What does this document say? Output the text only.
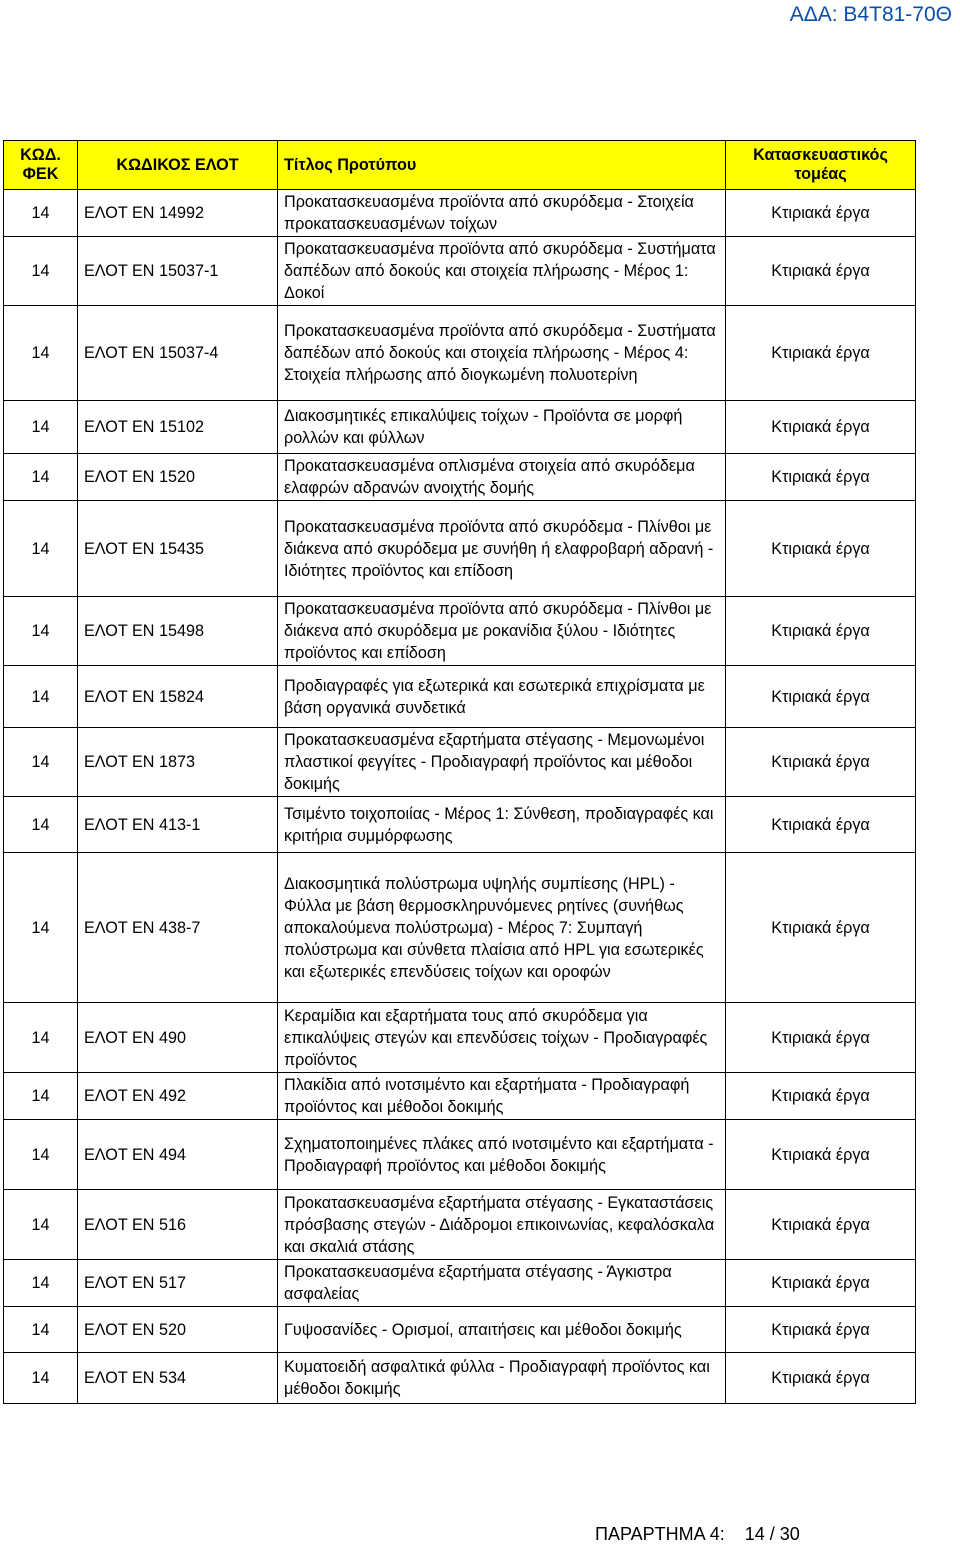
ΑΔΑ: Β4Τ81-70Θ
ΚΩΔ. ΦΕΚ	ΚΩΔΙΚΟΣ ΕΛΟΤ	Τίτλος Προτύπου	Κατασκευαστικός τομέας
14	ΕΛΟΤ EN 14992	Προκατασκευασμένα προϊόντα από σκυρόδεμα - Στοιχεία προκατασκευασμένων τοίχων	Κτιριακά έργα
14	ΕΛΟΤ EN 15037-1	Προκατασκευασμένα προϊόντα από σκυρόδεμα - Συστήματα δαπέδων από δοκούς και στοιχεία πλήρωσης - Μέρος 1: Δοκοί	Κτιριακά έργα
14	ΕΛΟΤ EN 15037-4	Προκατασκευασμένα προϊόντα από σκυρόδεμα - Συστήματα δαπέδων από δοκούς και στοιχεία πλήρωσης - Μέρος 4: Στοιχεία πλήρωσης από διογκωμένη πολυοτερίνη	Κτιριακά έργα
14	ΕΛΟΤ EN 15102	Διακοσμητικές επικαλύψεις τοίχων - Προϊόντα σε μορφή ρολλών και φύλλων	Κτιριακά έργα
14	ΕΛΟΤ EN 1520	Προκατασκευασμένα οπλισμένα στοιχεία από σκυρόδεμα ελαφρών αδρανών ανοιχτής δομής	Κτιριακά έργα
14	ΕΛΟΤ EN 15435	Προκατασκευασμένα προϊόντα από σκυρόδεμα - Πλίνθοι με διάκενα από σκυρόδεμα με συνήθη ή ελαφροβαρή αδρανή - Ιδιότητες προϊόντος και επίδοση	Κτιριακά έργα
14	ΕΛΟΤ EN 15498	Προκατασκευασμένα προϊόντα από σκυρόδεμα - Πλίνθοι με διάκενα από σκυρόδεμα με ροκανίδια ξύλου - Ιδιότητες προϊόντος και επίδοση	Κτιριακά έργα
14	ΕΛΟΤ EN 15824	Προδιαγραφές για εξωτερικά και εσωτερικά επιχρίσματα με βάση οργανικά συνδετικά	Κτιριακά έργα
14	ΕΛΟΤ EN 1873	Προκατασκευασμένα εξαρτήματα στέγασης - Μεμονωμένοι πλαστικοί φεγγίτες - Προδιαγραφή προϊόντος και μέθοδοι δοκιμής	Κτιριακά έργα
14	ΕΛΟΤ EN 413-1	Τσιμέντο τοιχοποιίας - Μέρος 1: Σύνθεση, προδιαγραφές και κριτήρια συμμόρφωσης	Κτιριακά έργα
14	ΕΛΟΤ EN 438-7	Διακοσμητικά πολύστρωμα υψηλής συμπίεσης (HPL) - Φύλλα με βάση θερμοσκληρυνόμενες ρητίνες (συνήθως αποκαλούμενα πολύστρωμα) - Μέρος 7: Συμπαγή πολύστρωμα και σύνθετα πλαίσια από HPL για εσωτερικές και εξωτερικές επενδύσεις τοίχων και οροφών	Κτιριακά έργα
14	ΕΛΟΤ EN 490	Κεραμίδια και εξαρτήματα τους από σκυρόδεμα για επικαλύψεις στεγών και επενδύσεις τοίχων - Προδιαγραφές προϊόντος	Κτιριακά έργα
14	ΕΛΟΤ EN 492	Πλακίδια από ινοτσιμέντο και εξαρτήματα - Προδιαγραφή προϊόντος και μέθοδοι δοκιμής	Κτιριακά έργα
14	ΕΛΟΤ EN 494	Σχηματοποιημένες πλάκες από ινοτσιμέντο και εξαρτήματα - Προδιαγραφή προϊόντος και μέθοδοι δοκιμής	Κτιριακά έργα
14	ΕΛΟΤ EN 516	Προκατασκευασμένα εξαρτήματα στέγασης - Εγκαταστάσεις πρόσβασης στεγών - Διάδρομοι επικοινωνίας, κεφαλόσκαλα και σκαλιά στάσης	Κτιριακά έργα
14	ΕΛΟΤ EN 517	Προκατασκευασμένα εξαρτήματα στέγασης - Άγκιστρα ασφαλείας	Κτιριακά έργα
14	ΕΛΟΤ EN 520	Γυψοσανίδες - Ορισμοί, απαιτήσεις και μέθοδοι δοκιμής	Κτιριακά έργα
14	ΕΛΟΤ EN 534	Κυματοειδή ασφαλτικά φύλλα - Προδιαγραφή προϊόντος και μέθοδοι δοκιμής	Κτιριακά έργα
ΠΑΡΑΡΤΗΜΑ 4: 14 / 30
